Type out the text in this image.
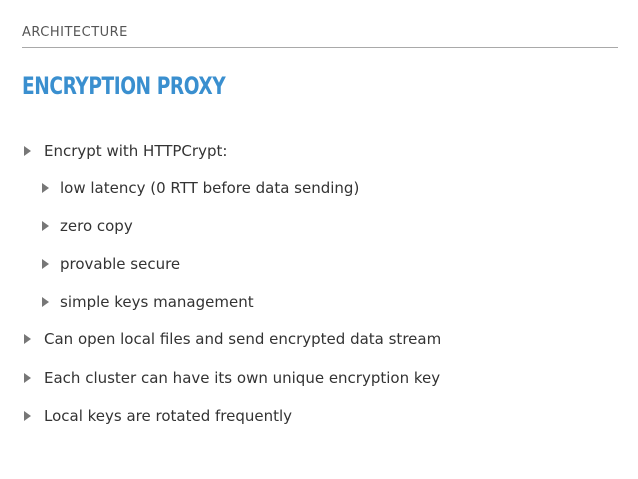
ARCHITECTURE
ENCRYPTION PROXY
Encrypt with HTTPCrypt:
low latency (0 RTT before data sending)
zero copy
provable secure
simple keys management
Can open local files and send encrypted data stream
Each cluster can have its own unique encryption key
Local keys are rotated frequently
